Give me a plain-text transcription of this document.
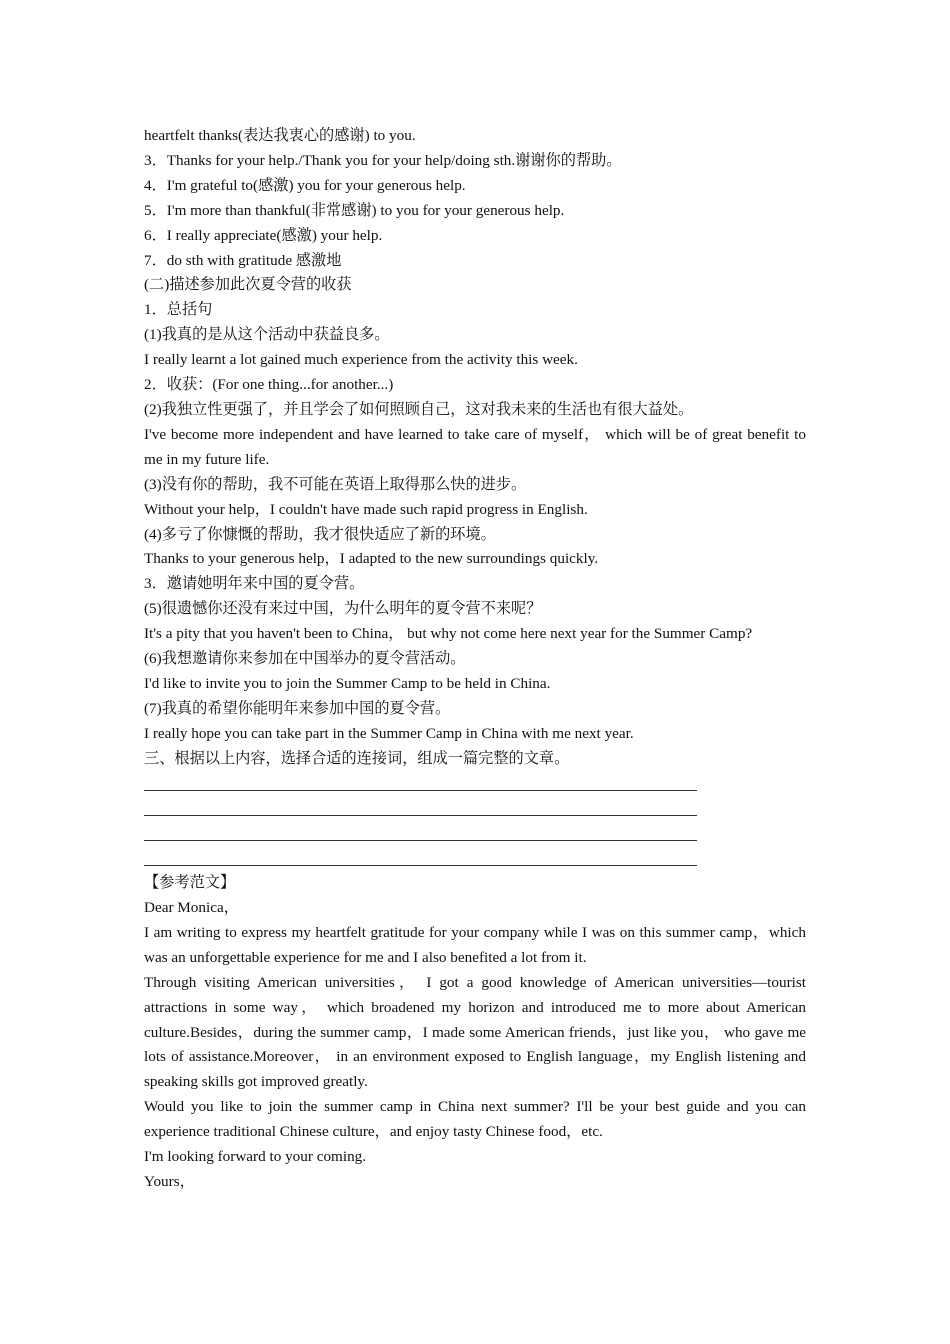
heartfelt thanks(表达我衷心的感谢) to you.
3．Thanks for your help./Thank you for your help/doing sth.谢谢你的帮助。
4．I'm grateful to(感激) you for your generous help.
5．I'm more than thankful(非常感谢) to you for your generous help.
6．I really appreciate(感激) your help.
7．do sth with gratitude 感激地
(二)描述参加此次夏令营的收获
1．总括句
(1)我真的是从这个活动中获益良多。
I really learnt a lot gained much experience from the activity this week.
2．收获：(For one thing...for another...)
(2)我独立性更强了，并且学会了如何照顾自己，这对我未来的生活也有很大益处。
I've become more independent and have learned to take care of myself， which will be of great benefit to me in my future life.
(3)没有你的帮助，我不可能在英语上取得那么快的进步。
Without your help，I couldn't have made such rapid progress in English.
(4)多亏了你慷慨的帮助，我才很快适应了新的环境。
Thanks to your generous help，I adapted to the new surroundings quickly.
3．邀请她明年来中国的夏令营。
(5)很遗憾你还没有来过中国，为什么明年的夏令营不来呢？
It's a pity that you haven't been to China， but why not come here next year for the Summer Camp?
(6)我想邀请你来参加在中国举办的夏令营活动。
I'd like to invite you to join the Summer Camp to be held in China.
(7)我真的希望你能明年来参加中国的夏令营。
I really hope you can take part in the Summer Camp in China with me next year.
三、根据以上内容，选择合适的连接词，组成一篇完整的文章。
【参考范文】
Dear Monica，
I am writing to express my heartfelt gratitude for your company while I was on this summer camp，which was an unforgettable experience for me and I also benefited a lot from it.
Through visiting American universities， I got a good knowledge of American universities—tourist attractions in some way， which broadened my horizon and introduced me to more about American culture.Besides，during the summer camp，I made some American friends，just like you， who gave me lots of assistance.Moreover， in an environment exposed to English language，my English listening and speaking skills got improved greatly.
Would you like to join the summer camp in China next summer? I'll be your best guide and you can experience traditional Chinese culture，and enjoy tasty Chinese food，etc.
I'm looking forward to your coming.
Yours，
